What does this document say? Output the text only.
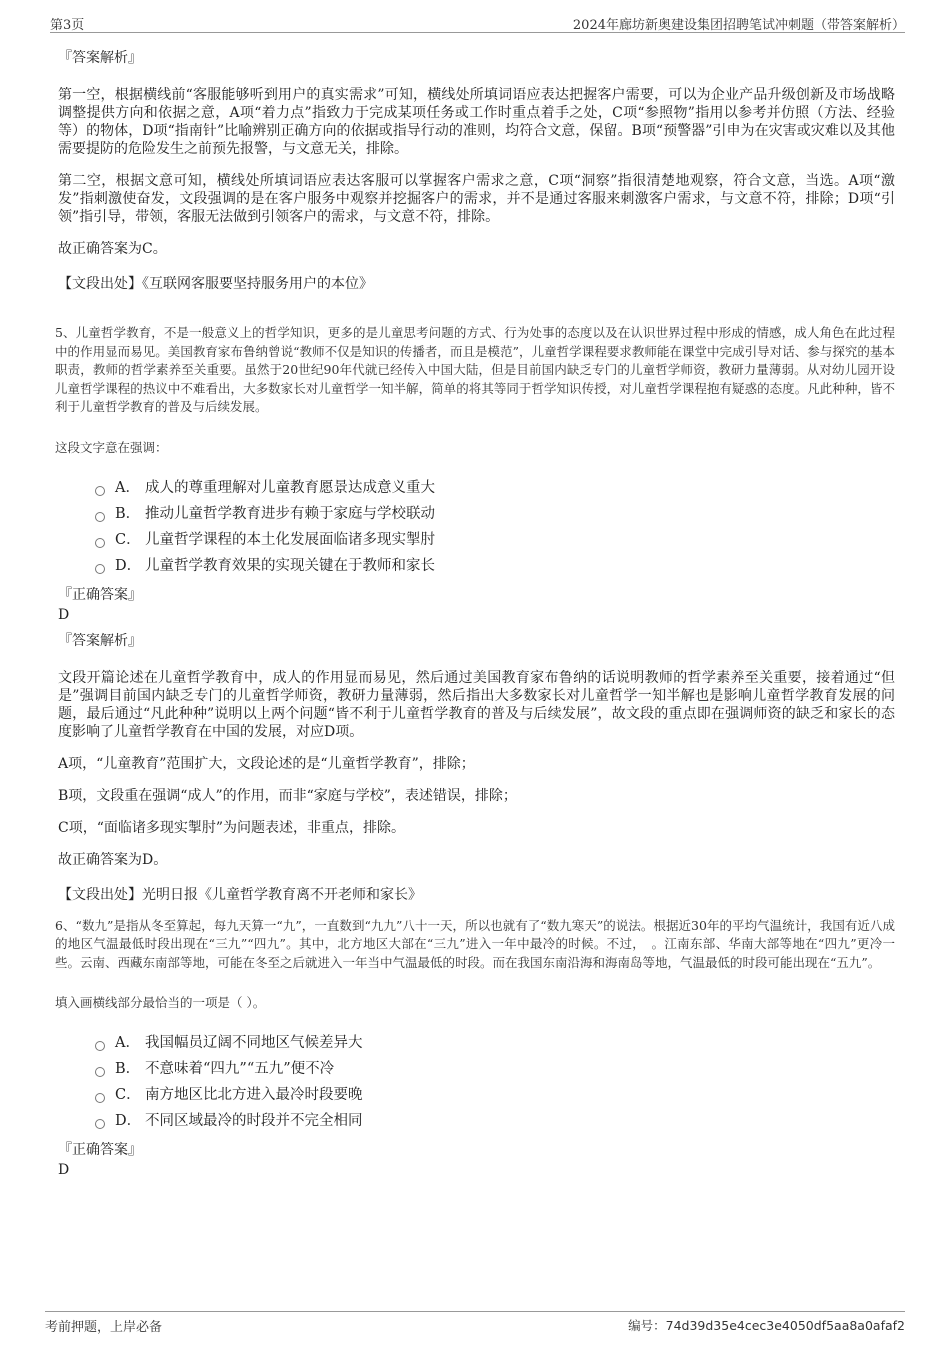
第3页	2024年廊坊新奥建设集团招聘笔试冲刺题（带答案解析）
『答案解析』
第一空，根据横线前“客服能够听到用户的真实需求”可知，横线处所填词语应表达把握客户需要，可以为企业产品升级创新及市场战略调整提供方向和依据之意，A项“着力点”指致力于完成某项任务或工作时重点着手之处，C项“参照物”指用以参考并仿照（方法、经验等）的物体，D项“指南针”比喻辨别正确方向的依据或指导行动的准则，均符合文意，保留。B项“预警器”引申为在灾害或灾难以及其他需要提防的危险发生之前预先报警，与文意无关，排除。
第二空，根据文意可知，横线处所填词语应表达客服可以掌握客户需求之意，C项“洞察”指很清楚地观察，符合文意，当选。A项“激发”指刺激使奋发，文段强调的是在客户服务中观察并挖掘客户的需求，并不是通过客服来刺激客户需求，与文意不符，排除；D项“引领”指引导，带领，客服无法做到引领客户的需求，与文意不符，排除。
故正确答案为C。
【文段出处】《互联网客服要坚持服务用户的本位》
5、儿童哲学教育，不是一般意义上的哲学知识，更多的是儿童思考问题的方式、行为处事的态度以及在认识世界过程中形成的情感，成人角色在此过程中的作用显而易见。美国教育家布鲁纳曾说“教师不仅是知识的传播者，而且是模范”，儿童哲学课程要求教师能在课堂中完成引导对话、参与探究的基本职责，教师的哲学素养至关重要。虽然于20世纪90年代就已经传入中国大陆，但是目前国内缺乏专门的儿童哲学师资，教研力量薄弱。从对幼儿园开设儿童哲学课程的热议中不难看出，大多数家长对儿童哲学一知半解，简单的将其等同于哲学知识传授，对儿童哲学课程抱有疑惑的态度。凡此种种，皆不利于儿童哲学教育的普及与后续发展。
这段文字意在强调：
A． 成人的尊重理解对儿童教育愿景达成意义重大
B． 推动儿童哲学教育进步有赖于家庭与学校联动
C． 儿童哲学课程的本土化发展面临诸多现实掣肘
D． 儿童哲学教育效果的实现关键在于教师和家长
『正确答案』
D
『答案解析』
文段开篇论述在儿童哲学教育中，成人的作用显而易见，然后通过美国教育家布鲁纳的话说明教师的哲学素养至关重要，接着通过“但是”强调目前国内缺乏专门的儿童哲学师资，教研力量薄弱，然后指出大多数家长对儿童哲学一知半解也是影响儿童哲学教育发展的问题，最后通过“凡此种种”说明以上两个问题“皆不利于儿童哲学教育的普及与后续发展”，故文段的重点即在强调师资的缺乏和家长的态度影响了儿童哲学教育在中国的发展，对应D项。
A项，“儿童教育”范围扩大，文段论述的是“儿童哲学教育”，排除；
B项，文段重在强调“成人”的作用，而非“家庭与学校”，表述错误，排除；
C项，“面临诸多现实掣肘”为问题表述，非重点，排除。
故正确答案为D。
【文段出处】光明日报《儿童哲学教育离不开老师和家长》
6、“数九”是指从冬至算起，每九天算一“九”，一直数到“九九”八十一天，所以也就有了“数九寒天”的说法。根据近30年的平均气温统计，我国有近八成的地区气温最低时段出现在“三九”“四九”。其中，北方地区大部在“三九”进入一年中最冷的时候。不过，　。江南东部、华南大部等地在“四九”更冷一些。云南、西藏东南部等地，可能在冬至之后就进入一年当中气温最低的时段。而在我国东南沿海和海南岛等地，气温最低的时段可能出现在“五九”。
填入画横线部分最恰当的一项是（ ）。
A． 我国幅员辽阔不同地区气候差异大
B． 不意味着“四九”“五九”便不冷
C． 南方地区比北方进入最冷时段要晚
D． 不同区域最冷的时段并不完全相同
『正确答案』
D
考前押题，上岸必备	编号：74d39d35e4cec3e4050df5aa8a0afaf2
